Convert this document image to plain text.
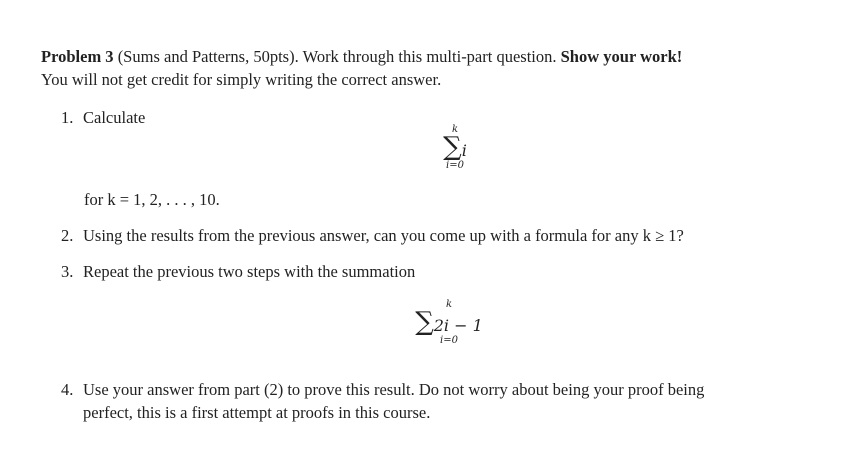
Problem 3 (Sums and Patterns, 50pts). Work through this multi-part question. Show your work!
You will not get credit for simply writing the correct answer.
1. Calculate
k
∑i
i=0
for k = 1, 2, . . . , 10.
2. Using the results from the previous answer, can you come up with a formula for any k ≥ 1?
3. Repeat the previous two steps with the summation
k
∑2i − 1
i=0
4. Use your answer from part (2) to prove this result. Do not worry about being your proof being
perfect, this is a first attempt at proofs in this course.
